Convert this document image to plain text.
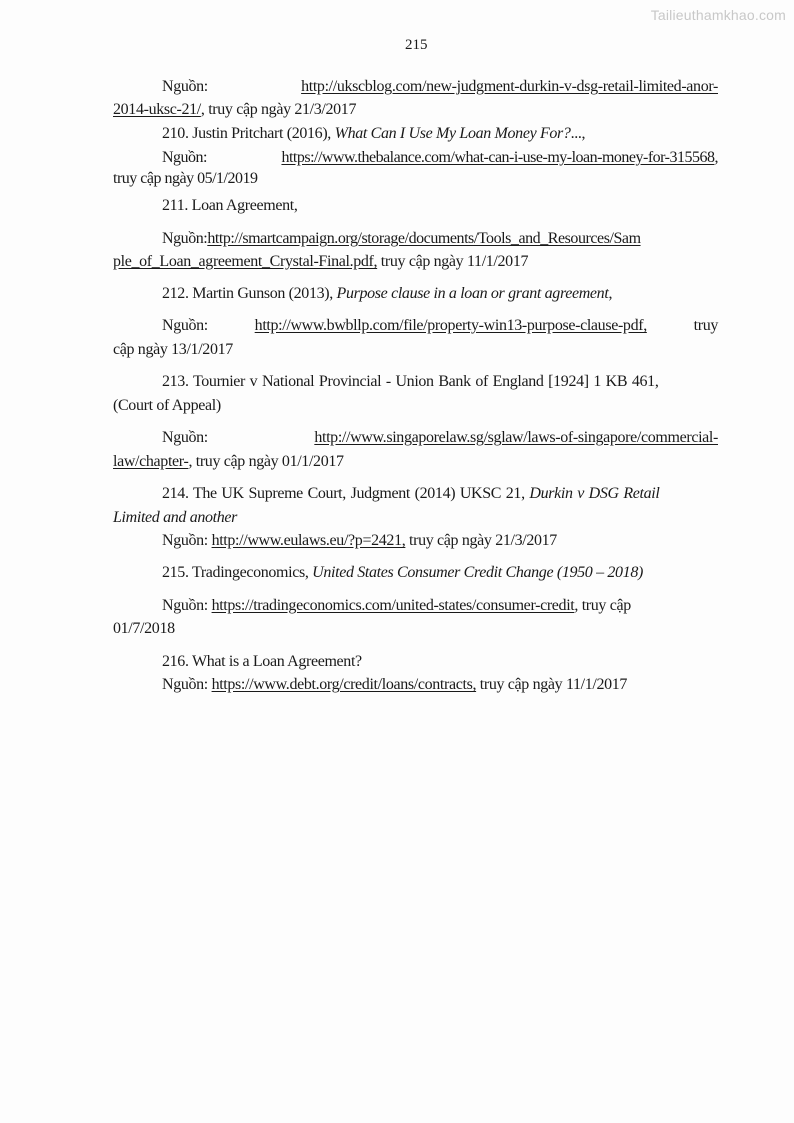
Tailieuthamkhao.com
215
Nguồn:	http://ukscblog.com/new-judgment-durkin-v-dsg-retail-limited-anor-
2014-uksc-21/, truy cập ngày 21/3/2017
210. Justin Pritchart (2016), What Can I Use My Loan Money For?...,
Nguồn:	https://www.thebalance.com/what-can-i-use-my-loan-money-for-315568,
truy cập ngày 05/1/2019
211. Loan Agreement,
Nguồn:http://smartcampaign.org/storage/documents/Tools_and_Resources/Sam
ple_of_Loan_agreement_Crystal-Final.pdf, truy cập ngày 11/1/2017
212. Martin Gunson (2013), Purpose clause in a loan or grant agreement,
Nguồn:	http://www.bwbllp.com/file/property-win13-purpose-clause-pdf,	truy
cập ngày 13/1/2017
213. Tournier v National Provincial - Union Bank of England [1924] 1 KB 461,
(Court of Appeal)
Nguồn:	http://www.singaporelaw.sg/sglaw/laws-of-singapore/commercial-
law/chapter-, truy cập ngày 01/1/2017
214. The UK Supreme Court, Judgment (2014) UKSC 21, Durkin v DSG Retail
Limited and another
Nguồn: http://www.eulaws.eu/?p=2421, truy cập ngày 21/3/2017
215. Tradingeconomics, United States Consumer Credit Change (1950 – 2018)
Nguồn: https://tradingeconomics.com/united-states/consumer-credit, truy cập
01/7/2018
216. What is a Loan Agreement?
Nguồn: https://www.debt.org/credit/loans/contracts, truy cập ngày 11/1/2017
